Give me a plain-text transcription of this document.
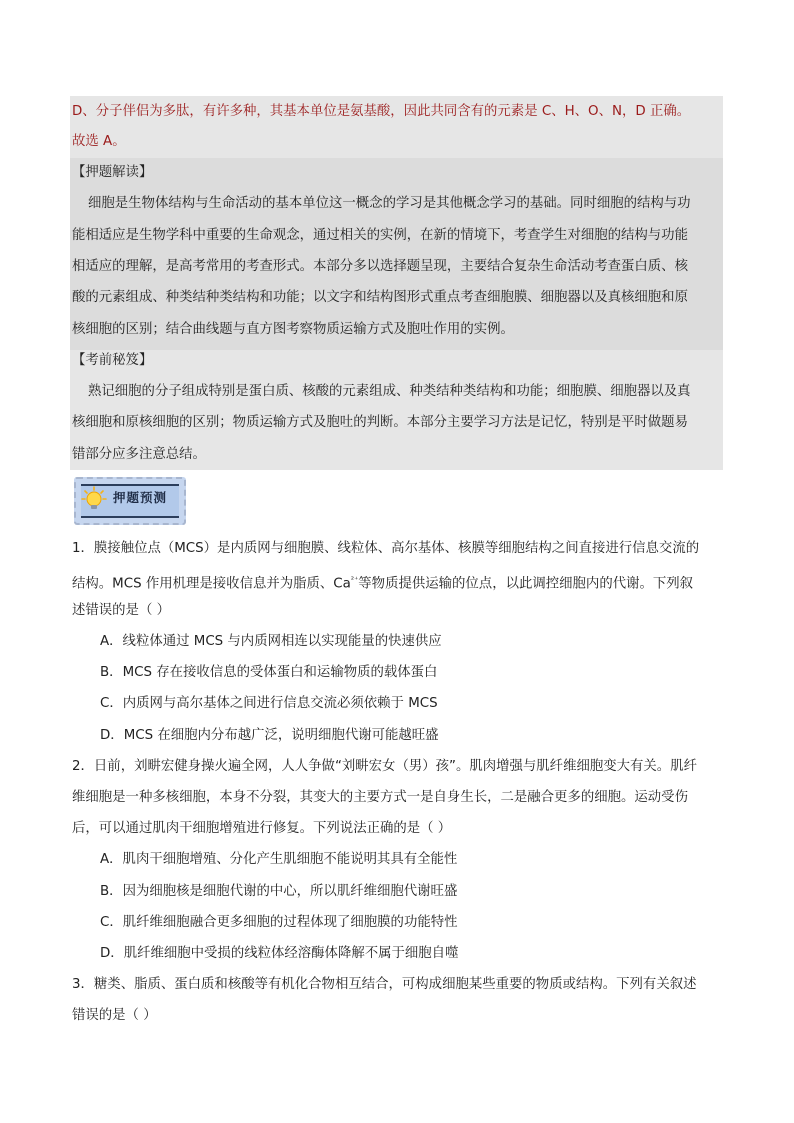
D、分子伴侣为多肽，有许多种，其基本单位是氨基酸，因此共同含有的元素是 C、H、O、N，D 正确。
故选 A。
【押题解读】
细胞是生物体结构与生命活动的基本单位这一概念的学习是其他概念学习的基础。同时细胞的结构与功
能相适应是生物学科中重要的生命观念，通过相关的实例，在新的情境下，考查学生对细胞的结构与功能
相适应的理解，是高考常用的考查形式。本部分多以选择题呈现，主要结合复杂生命活动考查蛋白质、核
酸的元素组成、种类结种类结构和功能；以文字和结构图形式重点考查细胞膜、细胞器以及真核细胞和原
核细胞的区别；结合曲线题与直方图考察物质运输方式及胞吐作用的实例。
【考前秘笈】
熟记细胞的分子组成特别是蛋白质、核酸的元素组成、种类结种类结构和功能；细胞膜、细胞器以及真
核细胞和原核细胞的区别；物质运输方式及胞吐的判断。本部分主要学习方法是记忆，特别是平时做题易
错部分应多注意总结。
押题预测
1．膜接触位点（MCS）是内质网与细胞膜、线粒体、高尔基体、核膜等细胞结构之间直接进行信息交流的
结构。MCS 作用机理是接收信息并为脂质、$Ca^{^{2+}}$等物质提供运输的位点，以此调控细胞内的代谢。下列叙
述错误的是（ ）
A．线粒体通过 MCS 与内质网相连以实现能量的快速供应
B．MCS 存在接收信息的受体蛋白和运输物质的载体蛋白
C．内质网与高尔基体之间进行信息交流必须依赖于 MCS
D．MCS 在细胞内分布越广泛，说明细胞代谢可能越旺盛
2．日前，刘畊宏健身操火遍全网，人人争做“刘畊宏女（男）孩”。肌肉增强与肌纤维细胞变大有关。肌纤
维细胞是一种多核细胞，本身不分裂，其变大的主要方式一是自身生长，二是融合更多的细胞。运动受伤
后，可以通过肌肉干细胞增殖进行修复。下列说法正确的是（ ）
A．肌肉干细胞增殖、分化产生肌细胞不能说明其具有全能性
B．因为细胞核是细胞代谢的中心，所以肌纤维细胞代谢旺盛
C．肌纤维细胞融合更多细胞的过程体现了细胞膜的功能特性
D．肌纤维细胞中受损的线粒体经溶酶体降解不属于细胞自噬
3．糖类、脂质、蛋白质和核酸等有机化合物相互结合，可构成细胞某些重要的物质或结构。下列有关叙述
错误的是（ ）
